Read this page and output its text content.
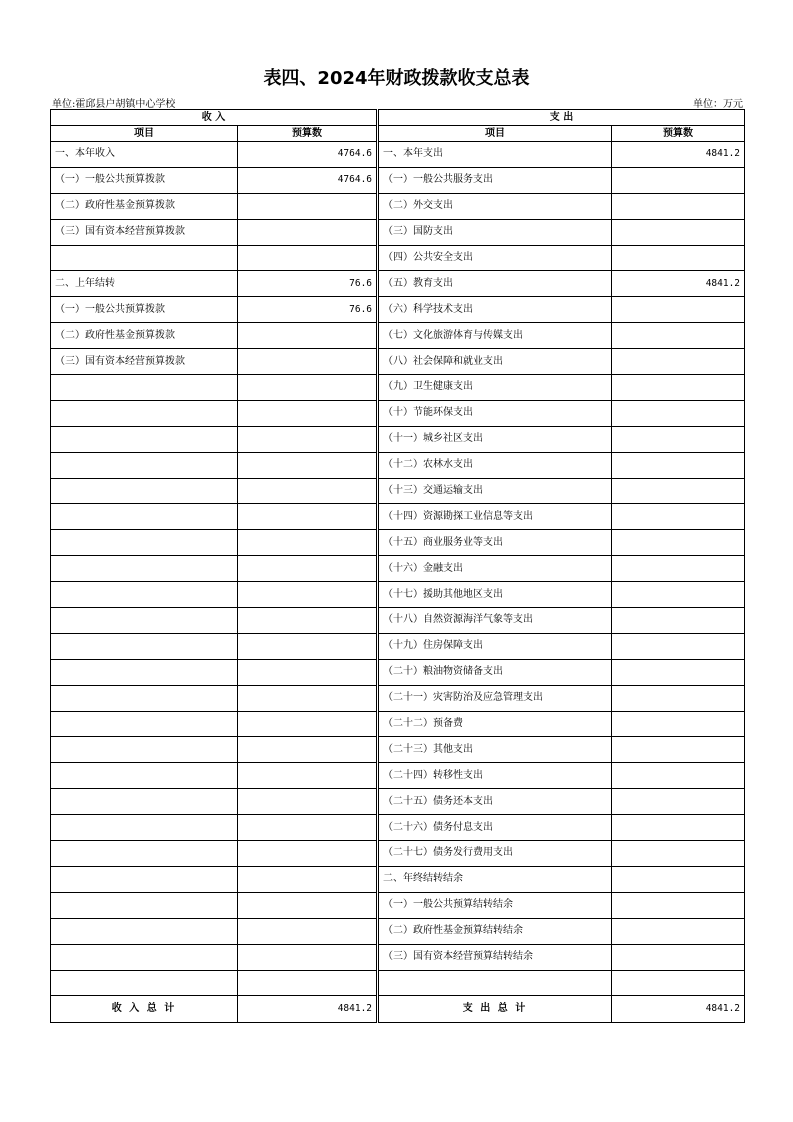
表四、2024年财政拨款收支总表
单位:霍邱县户胡镇中心学校	单位：万元
收 入			支 出	
项目	预算数		项目	预算数
一、本年收入	4764.6		一、本年支出	4841.2
（一）一般公共预算拨款	4764.6		（一）一般公共服务支出	
（二）政府性基金预算拨款			（二）外交支出	
（三）国有资本经营预算拨款			（三）国防支出	
			（四）公共安全支出	
二、上年结转	76.6		（五）教育支出	4841.2
（一）一般公共预算拨款	76.6		（六）科学技术支出	
（二）政府性基金预算拨款			（七）文化旅游体育与传媒支出	
（三）国有资本经营预算拨款			（八）社会保障和就业支出	
			（九）卫生健康支出	
			（十）节能环保支出	
			（十一）城乡社区支出	
			（十二）农林水支出	
			（十三）交通运输支出	
			（十四）资源勘探工业信息等支出	
			（十五）商业服务业等支出	
			（十六）金融支出	
			（十七）援助其他地区支出	
			（十八）自然资源海洋气象等支出	
			（十九）住房保障支出	
			（二十）粮油物资储备支出	
			（二十一）灾害防治及应急管理支出	
			（二十二）预备费	
			（二十三）其他支出	
			（二十四）转移性支出	
			（二十五）债务还本支出	
			（二十六）债务付息支出	
			（二十七）债务发行费用支出	
			二、年终结转结余	
			（一）一般公共预算结转结余	
			（二）政府性基金预算结转结余	
			（三）国有资本经营预算结转结余	

收 入 总 计	4841.2		支 出 总 计	4841.2
